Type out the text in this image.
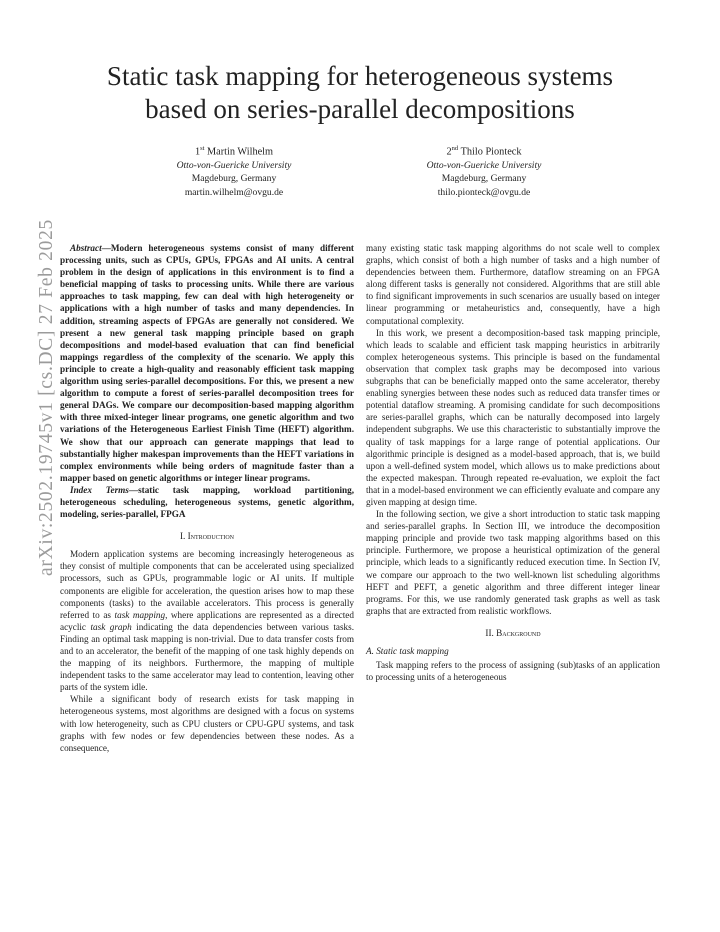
arXiv:2502.19745v1 [cs.DC] 27 Feb 2025
Static task mapping for heterogeneous systems
based on series-parallel decompositions
1st Martin Wilhelm
Otto-von-Guericke University
Magdeburg, Germany
martin.wilhelm@ovgu.de
2nd Thilo Pionteck
Otto-von-Guericke University
Magdeburg, Germany
thilo.pionteck@ovgu.de

Abstract—Modern heterogeneous systems consist of many different processing units, such as CPUs, GPUs, FPGAs and AI units. A central problem in the design of applications in this environment is to find a beneficial mapping of tasks to processing units. While there are various approaches to task mapping, few can deal with high heterogeneity or applications with a high number of tasks and many dependencies. In addition, streaming aspects of FPGAs are generally not considered. We present a new general task mapping principle based on graph decompositions and model-based evaluation that can find beneficial mappings regardless of the complexity of the scenario. We apply this principle to create a high-quality and reasonably efficient task mapping algorithm using series-parallel decompositions. For this, we present a new algorithm to compute a forest of series-parallel decomposition trees for general DAGs. We compare our decomposition-based mapping algorithm with three mixed-integer linear programs, one genetic algorithm and two variations of the Heterogeneous Earliest Finish Time (HEFT) algorithm. We show that our approach can generate mappings that lead to substantially higher makespan improvements than the HEFT variations in complex environments while being orders of magnitude faster than a mapper based on genetic algorithms or integer linear programs.

Index Terms—static task mapping, workload partitioning, heterogeneous scheduling, heterogeneous systems, genetic algorithm, modeling, series-parallel, FPGA

I. Introduction

Modern application systems are becoming increasingly heterogeneous as they consist of multiple components that can be accelerated using specialized processors, such as GPUs, programmable logic or AI units. If multiple components are eligible for acceleration, the question arises how to map these components (tasks) to the available accelerators. This process is generally referred to as task mapping, where applications are represented as a directed acyclic task graph indicating the data dependencies between various tasks. Finding an optimal task mapping is non-trivial. Due to data transfer costs from and to an accelerator, the benefit of the mapping of one task highly depends on the mapping of its neighbors. Furthermore, the mapping of multiple independent tasks to the same accelerator may lead to contention, leaving other parts of the system idle.

While a significant body of research exists for task mapping in heterogeneous systems, most algorithms are designed with a focus on systems with low heterogeneity, such as CPU clusters or CPU-GPU systems, and task graphs with few nodes or few dependencies between these nodes. As a consequence,

many existing static task mapping algorithms do not scale well to complex graphs, which consist of both a high number of tasks and a high number of dependencies between them. Furthermore, dataflow streaming on an FPGA along different tasks is generally not considered. Algorithms that are still able to find significant improvements in such scenarios are usually based on integer linear programming or metaheuristics and, consequently, have a high computational complexity.

In this work, we present a decomposition-based task mapping principle, which leads to scalable and efficient task mapping heuristics in arbitrarily complex heterogeneous systems. This principle is based on the fundamental observation that complex task graphs may be decomposed into various subgraphs that can be beneficially mapped onto the same accelerator, thereby enabling synergies between these nodes such as reduced data transfer times or potential dataflow streaming. A promising candidate for such decompositions are series-parallel graphs, which can be naturally decomposed into largely independent subgraphs. We use this characteristic to substantially improve the quality of task mappings for a large range of potential applications. Our algorithmic principle is designed as a model-based approach, that is, we build upon a well-defined system model, which allows us to make predictions about the expected makespan. Through repeated re-evaluation, we exploit the fact that in a model-based environment we can efficiently evaluate and compare any given mapping at design time.

In the following section, we give a short introduction to static task mapping and series-parallel graphs. In Section III, we introduce the decomposition mapping principle and provide two task mapping algorithms based on this principle. Furthermore, we propose a heuristical optimization of the general principle, which leads to a significantly reduced execution time. In Section IV, we compare our approach to the two well-known list scheduling algorithms HEFT and PEFT, a genetic algorithm and three different integer linear programs. For this, we use randomly generated task graphs as well as task graphs that are extracted from realistic workflows.

II. Background
A. Static task mapping

Task mapping refers to the process of assigning (sub)tasks of an application to processing units of a heterogeneous
